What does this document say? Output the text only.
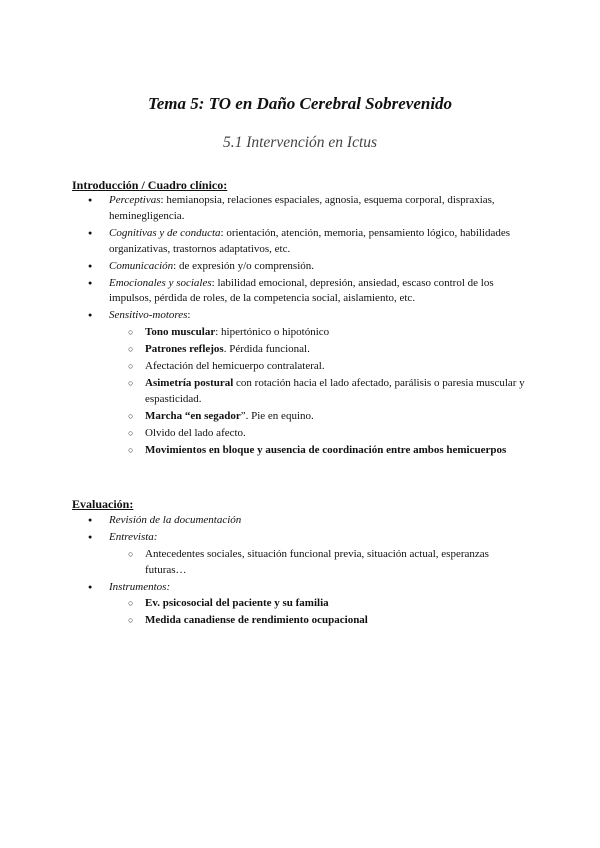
Tema 5: TO en Daño Cerebral Sobrevenido
5.1 Intervención en Ictus

Introducción / Cuadro clínico:

● Perceptivas: hemianopsia, relaciones espaciales, agnosia, esquema corporal, dispraxias, heminegligencia.
● Cognitivas y de conducta: orientación, atención, memoria, pensamiento lógico, habilidades organizativas, trastornos adaptativos, etc.
● Comunicación: de expresión y/o comprensión.
● Emocionales y sociales: labilidad emocional, depresión, ansiedad, escaso control de los impulsos, pérdida de roles, de la competencia social, aislamiento, etc.
● Sensitivo-motores:
○ Tono muscular: hipertónico o hipotónico
○ Patrones reflejos. Pérdida funcional.
○ Afectación del hemicuerpo contralateral.
○ Asimetría postural con rotación hacia el lado afectado, parálisis o paresia muscular y espasticidad.
○ Marcha “en segador”. Pie en equino.
○ Olvido del lado afecto.
○ Movimientos en bloque y ausencia de coordinación entre ambos hemicuerpos

Evaluación:

● Revisión de la documentación
● Entrevista:
○ Antecedentes sociales, situación funcional previa, situación actual, esperanzas futuras…
● Instrumentos:
○ Ev. psicosocial del paciente y su familia
○ Medida canadiense de rendimiento ocupacional
